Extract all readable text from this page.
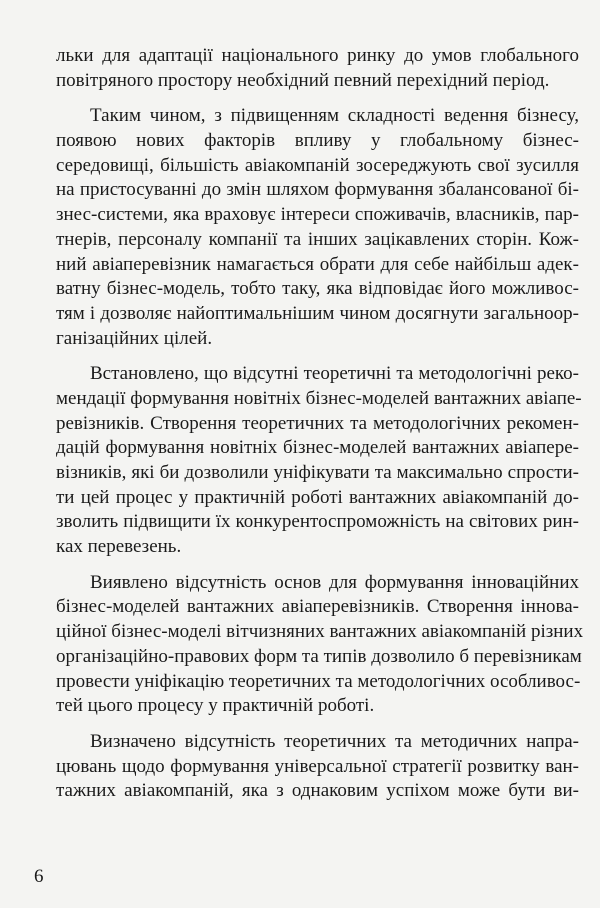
льки для адаптації національного ринку до умов глобального
повітряного простору необхідний певний перехідний період.
Таким чином, з підвищенням складності ведення бізнесу,
появою нових факторів впливу у глобальному бізнес-
середовищі, більшість авіакомпаній зосереджують свої зусилля
на пристосуванні до змін шляхом формування збалансованої бі-
знес-системи, яка враховує інтереси споживачів, власників, пар-
тнерів, персоналу компанії та інших зацікавлених сторін. Кож-
ний авіаперевізник намагається обрати для себе найбільш адек-
ватну бізнес-модель, тобто таку, яка відповідає його можливос-
тям і дозволяє найоптимальнішим чином досягнути загальноор-
ганізаційних цілей.
Встановлено, що відсутні теоретичні та методологічні реко-
мендації формування новітніх бізнес-моделей вантажних авіапе-
ревізників. Створення теоретичних та методологічних рекомен-
дацій формування новітніх бізнес-моделей вантажних авіапере-
візників, які би дозволили уніфікувати та максимально спрости-
ти цей процес у практичній роботі вантажних авіакомпаній до-
зволить підвищити їх конкурентоспроможність на світових рин-
ках перевезень.
Виявлено відсутність основ для формування інноваційних
бізнес-моделей вантажних авіаперевізників. Створення іннова-
ційної бізнес-моделі вітчизняних вантажних авіакомпаній різних
організаційно-правових форм та типів дозволило б перевізникам
провести уніфікацію теоретичних та методологічних особливос-
тей цього процесу у практичній роботі.
Визначено відсутність теоретичних та методичних напра-
цювань щодо формування універсальної стратегії розвитку ван-
тажних авіакомпаній, яка з однаковим успіхом може бути ви-
6
